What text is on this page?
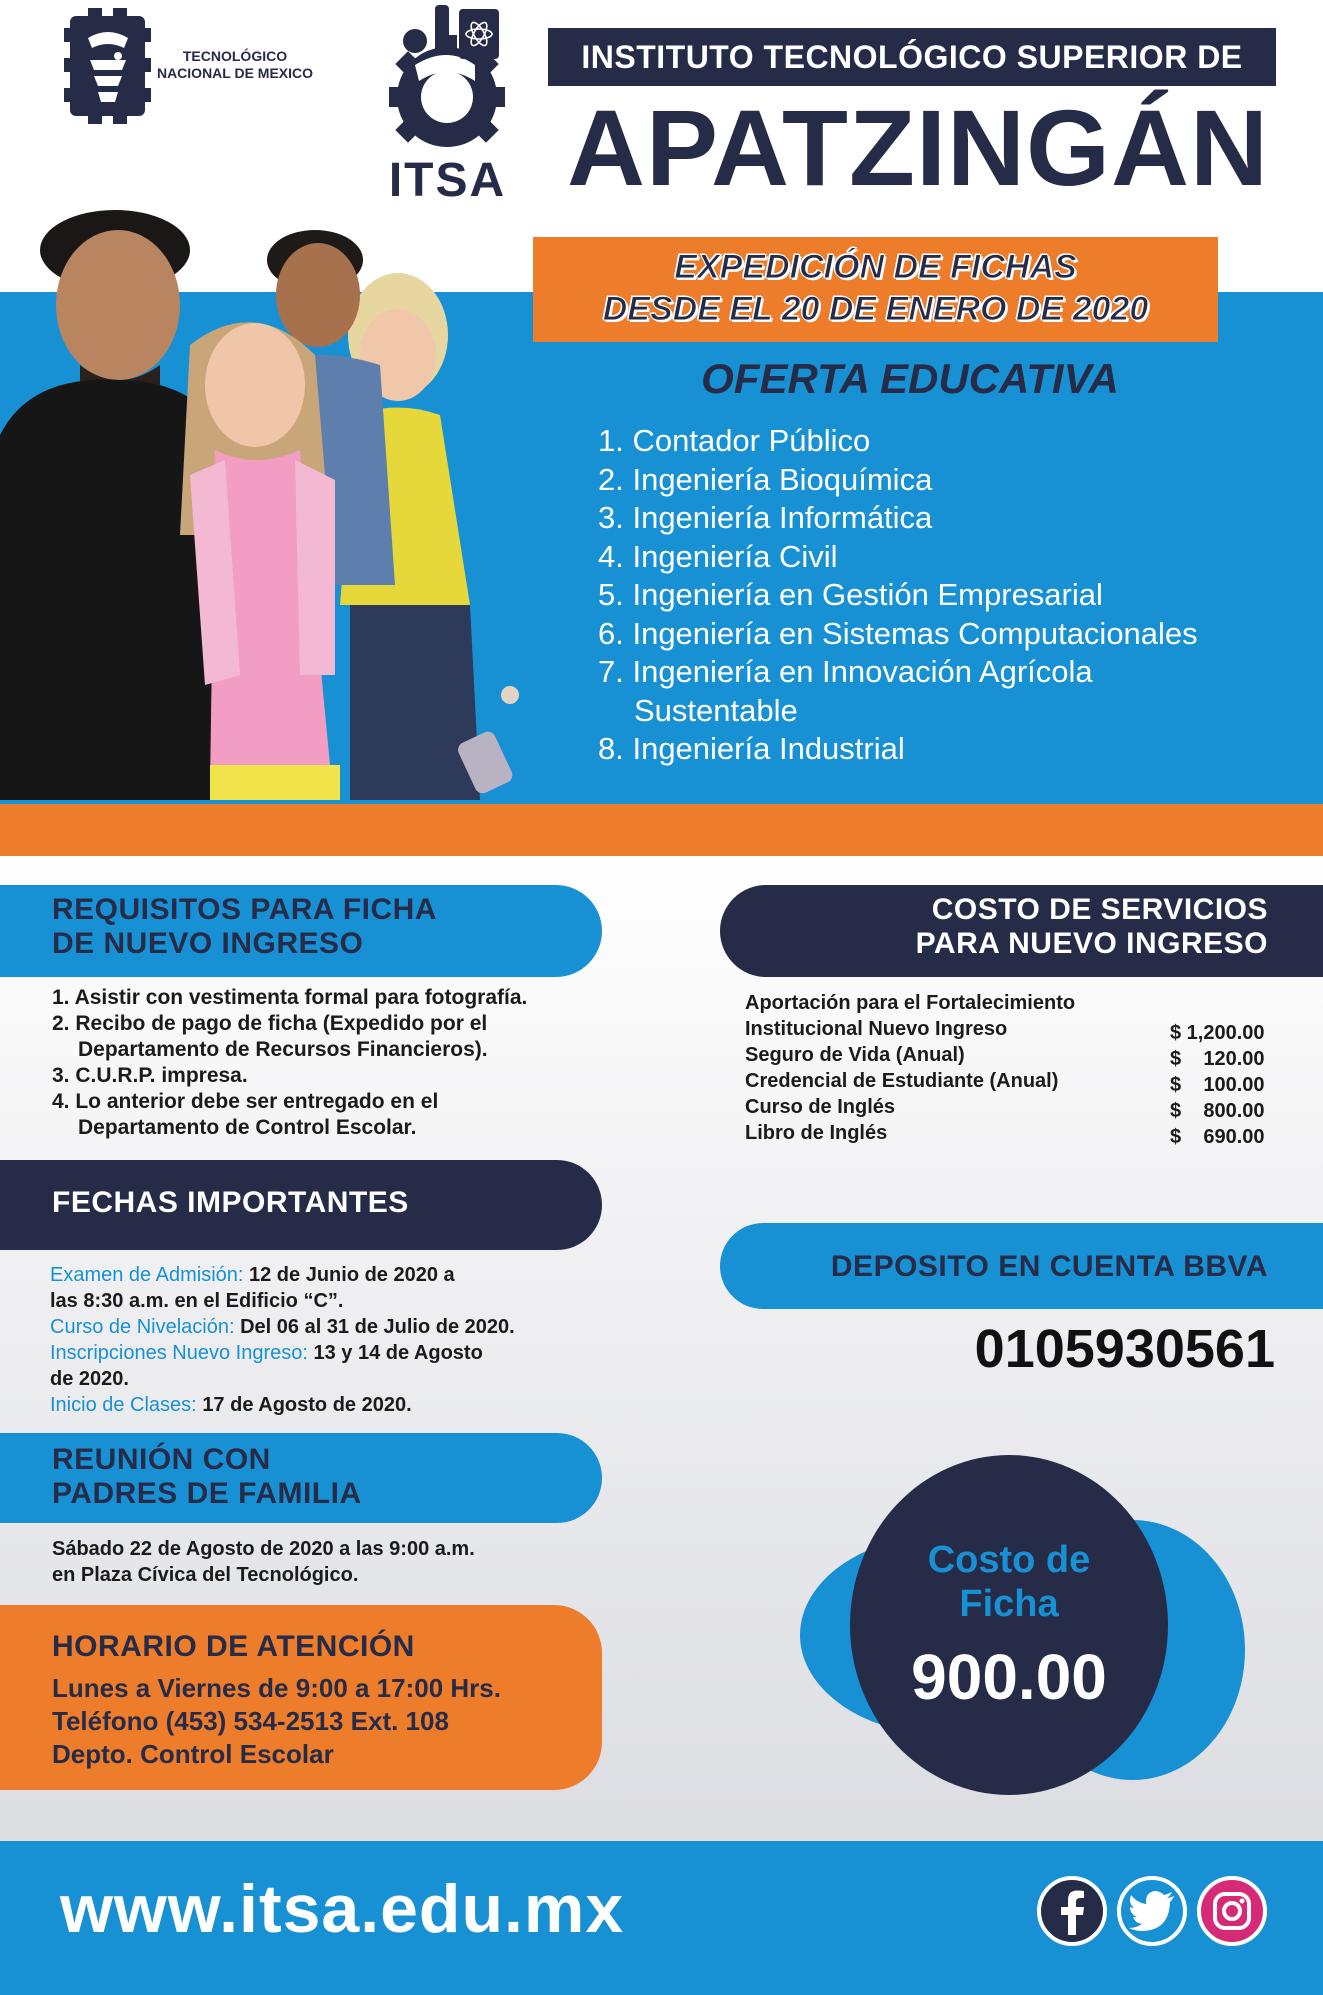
TECNOLÓGICO
NACIONAL DE MEXICO
ITSA
INSTITUTO TECNOLÓGICO SUPERIOR DE
APATZINGÁN
EXPEDICIÓN DE FICHAS
DESDE EL 20 DE ENERO DE 2020
OFERTA EDUCATIVA
1. Contador Público
2. Ingeniería Bioquímica
3. Ingeniería Informática
4. Ingeniería Civil
5. Ingeniería en Gestión Empresarial
6. Ingeniería en Sistemas Computacionales
7. Ingeniería en Innovación Agrícola
Sustentable
8. Ingeniería Industrial
REQUISITOS PARA FICHA
DE NUEVO INGRESO
1. Asistir con vestimenta formal para fotografía.
2. Recibo de pago de ficha (Expedido por el
Departamento de Recursos Financieros).
3. C.U.R.P. impresa.
4. Lo anterior debe ser entregado en el
Departamento de Control Escolar.
COSTO DE SERVICIOS
PARA NUEVO INGRESO
Aportación para el Fortalecimiento
Institucional Nuevo Ingreso	$ 1,200.00
Seguro de Vida (Anual)	$    120.00
Credencial de Estudiante (Anual)	$    100.00
Curso de Inglés	$    800.00
Libro de Inglés	$    690.00
FECHAS IMPORTANTES
Examen de Admisión: 12 de Junio de 2020 a
las 8:30 a.m. en el Edificio “C”.
Curso de Nivelación: Del 06 al 31 de Julio de 2020.
Inscripciones Nuevo Ingreso: 13 y 14 de Agosto
de 2020.
Inicio de Clases: 17 de Agosto de 2020.
REUNIÓN CON
PADRES DE FAMILIA
Sábado 22 de Agosto de 2020 a las 9:00 a.m.
en Plaza Cívica del Tecnológico.
HORARIO DE ATENCIÓN
Lunes a Viernes de 9:00 a 17:00 Hrs.
Teléfono (453) 534-2513 Ext. 108
Depto. Control Escolar
DEPOSITO EN CUENTA BBVA
0105930561
Costo de
Ficha
900.00
www.itsa.edu.mx
